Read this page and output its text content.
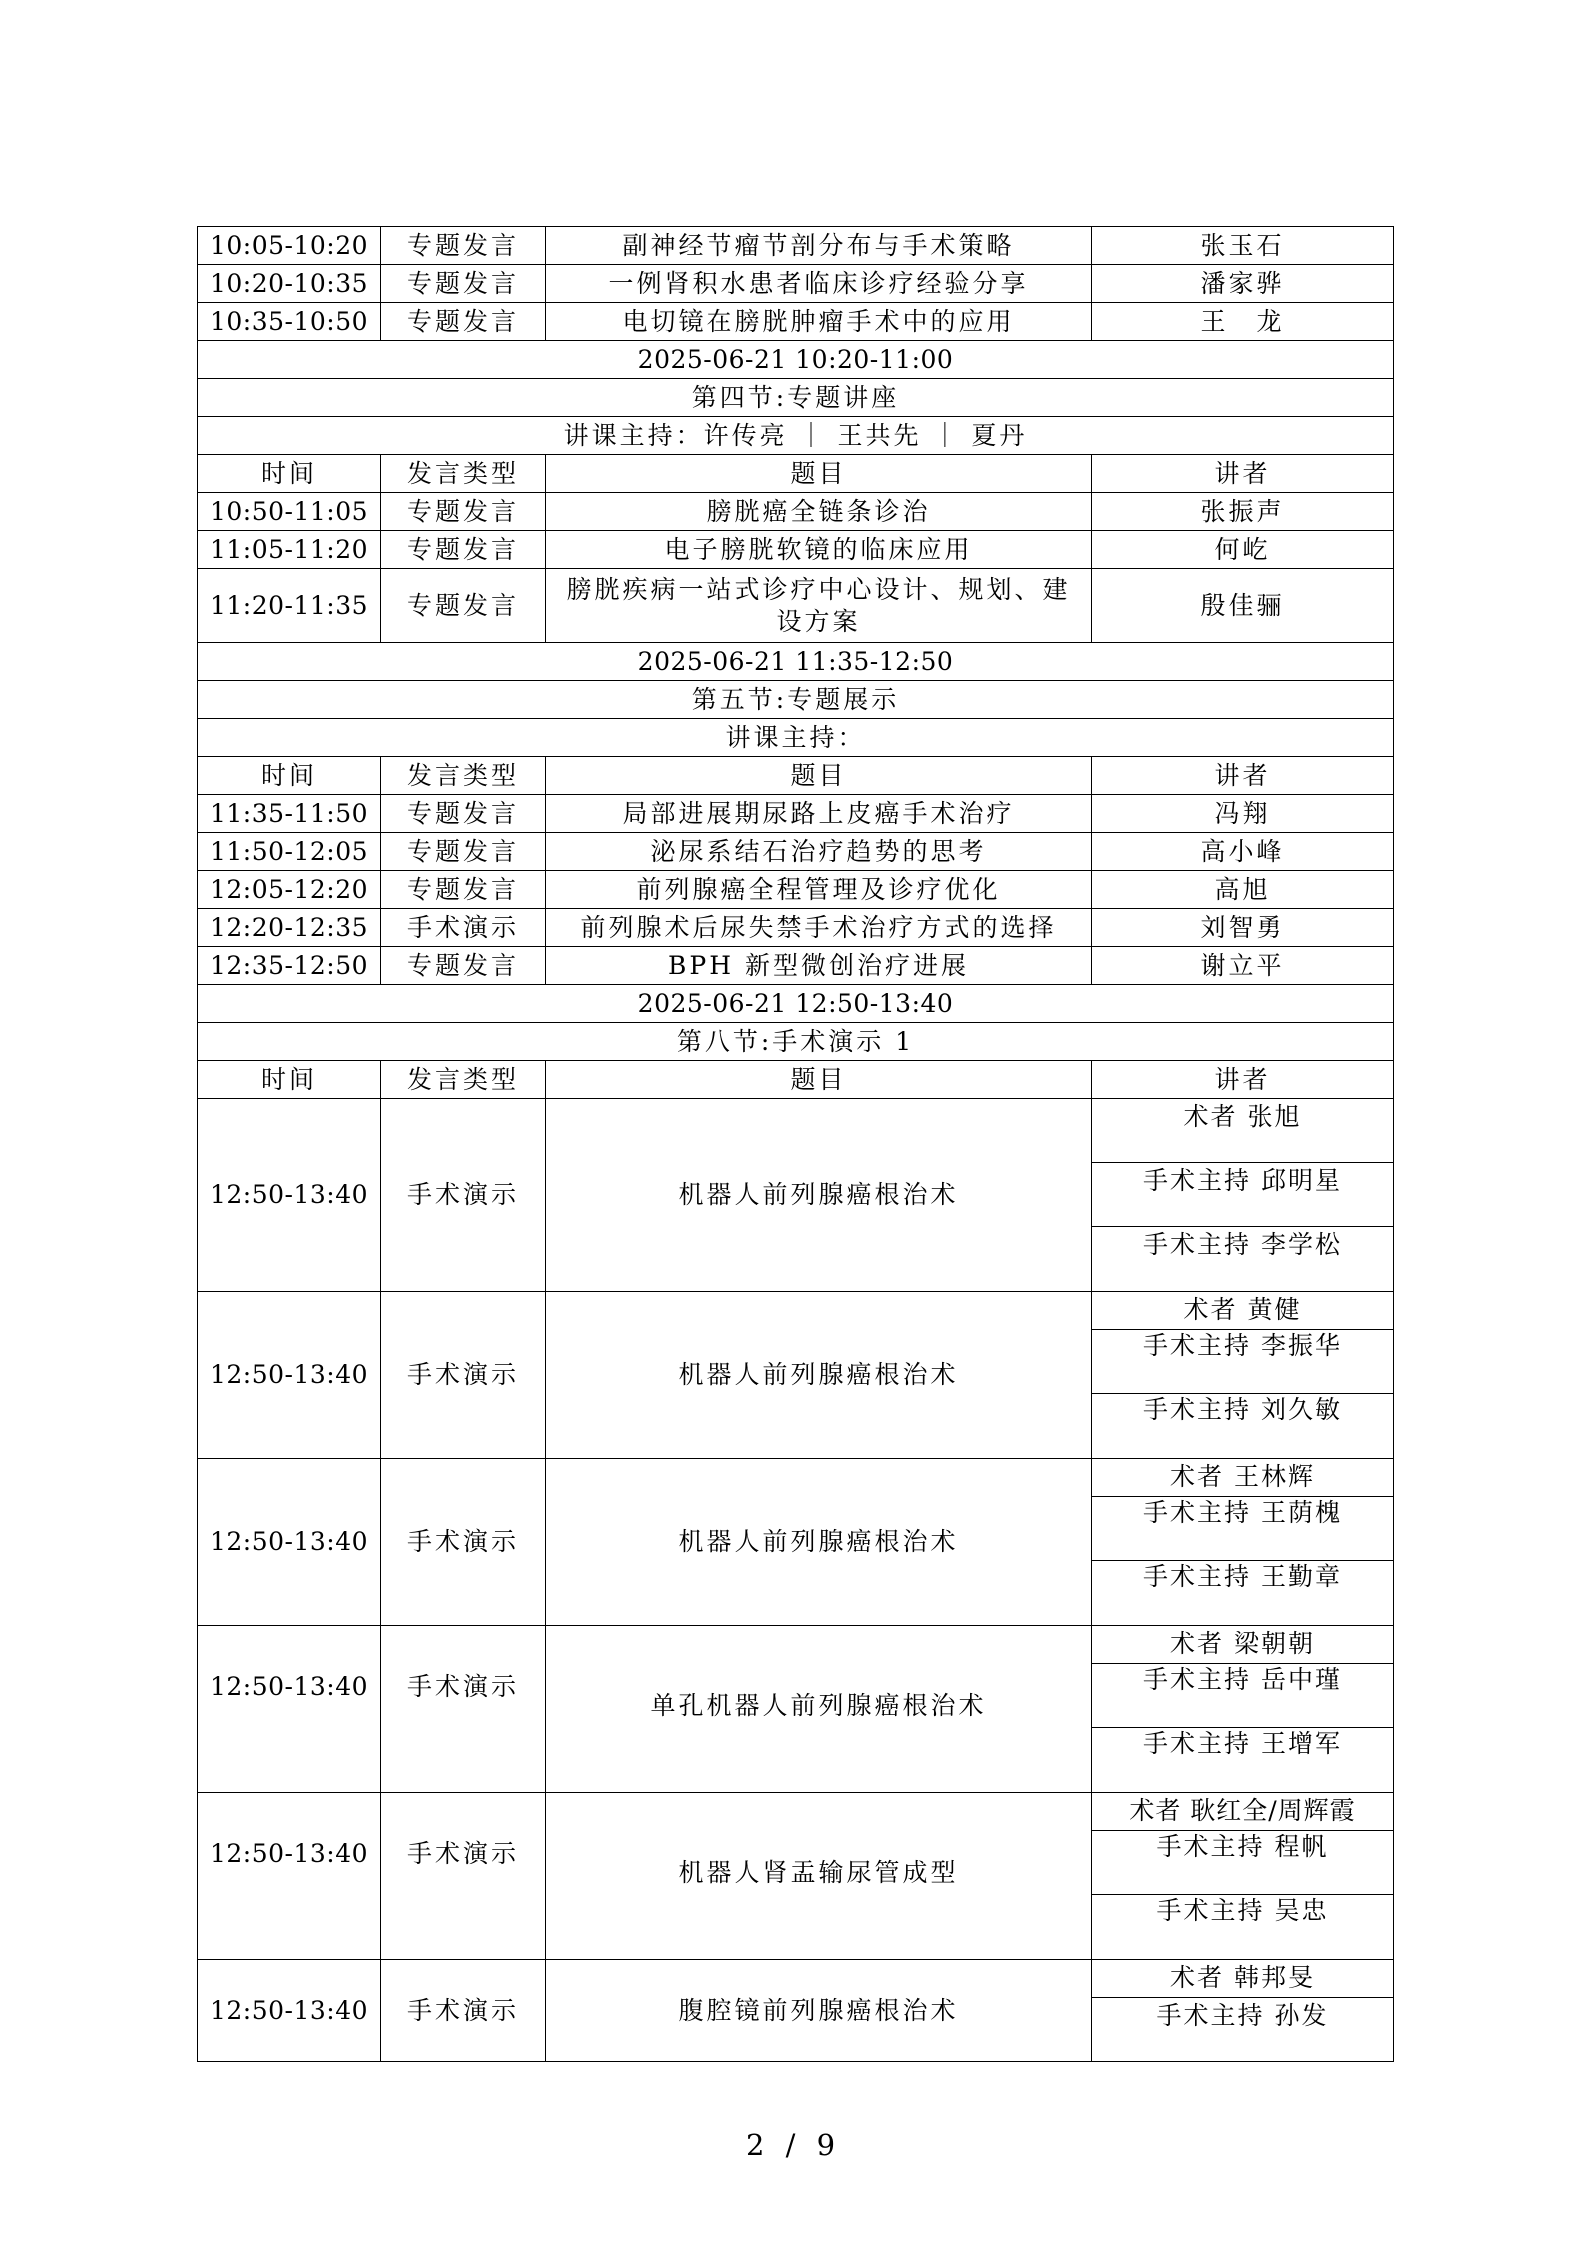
10:05-10:20	专题发言	副神经节瘤节剖分布与手术策略	张玉石
10:20-10:35	专题发言	一例肾积水患者临床诊疗经验分享	潘家骅
10:35-10:50	专题发言	电切镜在膀胱肿瘤手术中的应用	王　龙
2025-06-21 10:20-11:00			
第四节:专题讲座			
讲课主持：许传亮 ｜ 王共先 ｜ 夏丹			
时间	发言类型	题目	讲者
10:50-11:05	专题发言	膀胱癌全链条诊治	张振声
11:05-11:20	专题发言	电子膀胱软镜的临床应用	何屹
11:20-11:35	专题发言	膀胱疾病一站式诊疗中心设计、规划、建设方案	殷佳骊
2025-06-21 11:35-12:50			
第五节:专题展示			
讲课主持：			
时间	发言类型	题目	讲者
11:35-11:50	专题发言	局部进展期尿路上皮癌手术治疗	冯翔
11:50-12:05	专题发言	泌尿系结石治疗趋势的思考	高小峰
12:05-12:20	专题发言	前列腺癌全程管理及诊疗优化	高旭
12:20-12:35	手术演示	前列腺术后尿失禁手术治疗方式的选择	刘智勇
12:35-12:50	专题发言	BPH 新型微创治疗进展	谢立平
2025-06-21 12:50-13:40			
第八节:手术演示 1			
时间	发言类型	题目	讲者
12:50-13:40	手术演示	机器人前列腺癌根治术	术者 张旭
手术主持 邱明星
手术主持 李学松

12:50-13:40	手术演示	机器人前列腺癌根治术	术者 黄健
手术主持 李振华
手术主持 刘久敏

12:50-13:40	手术演示	机器人前列腺癌根治术	术者 王林辉
手术主持 王荫槐
手术主持 王勤章

12:50-13:40	手术演示	单孔机器人前列腺癌根治术	术者 梁朝朝
手术主持 岳中瑾
手术主持 王增军

12:50-13:40	手术演示	机器人肾盂输尿管成型	术者 耿红全/周辉霞
手术主持 程帆
手术主持 吴忠

12:50-13:40	手术演示	腹腔镜前列腺癌根治术	术者 韩邦旻
手术主持 孙发
2 / 9
